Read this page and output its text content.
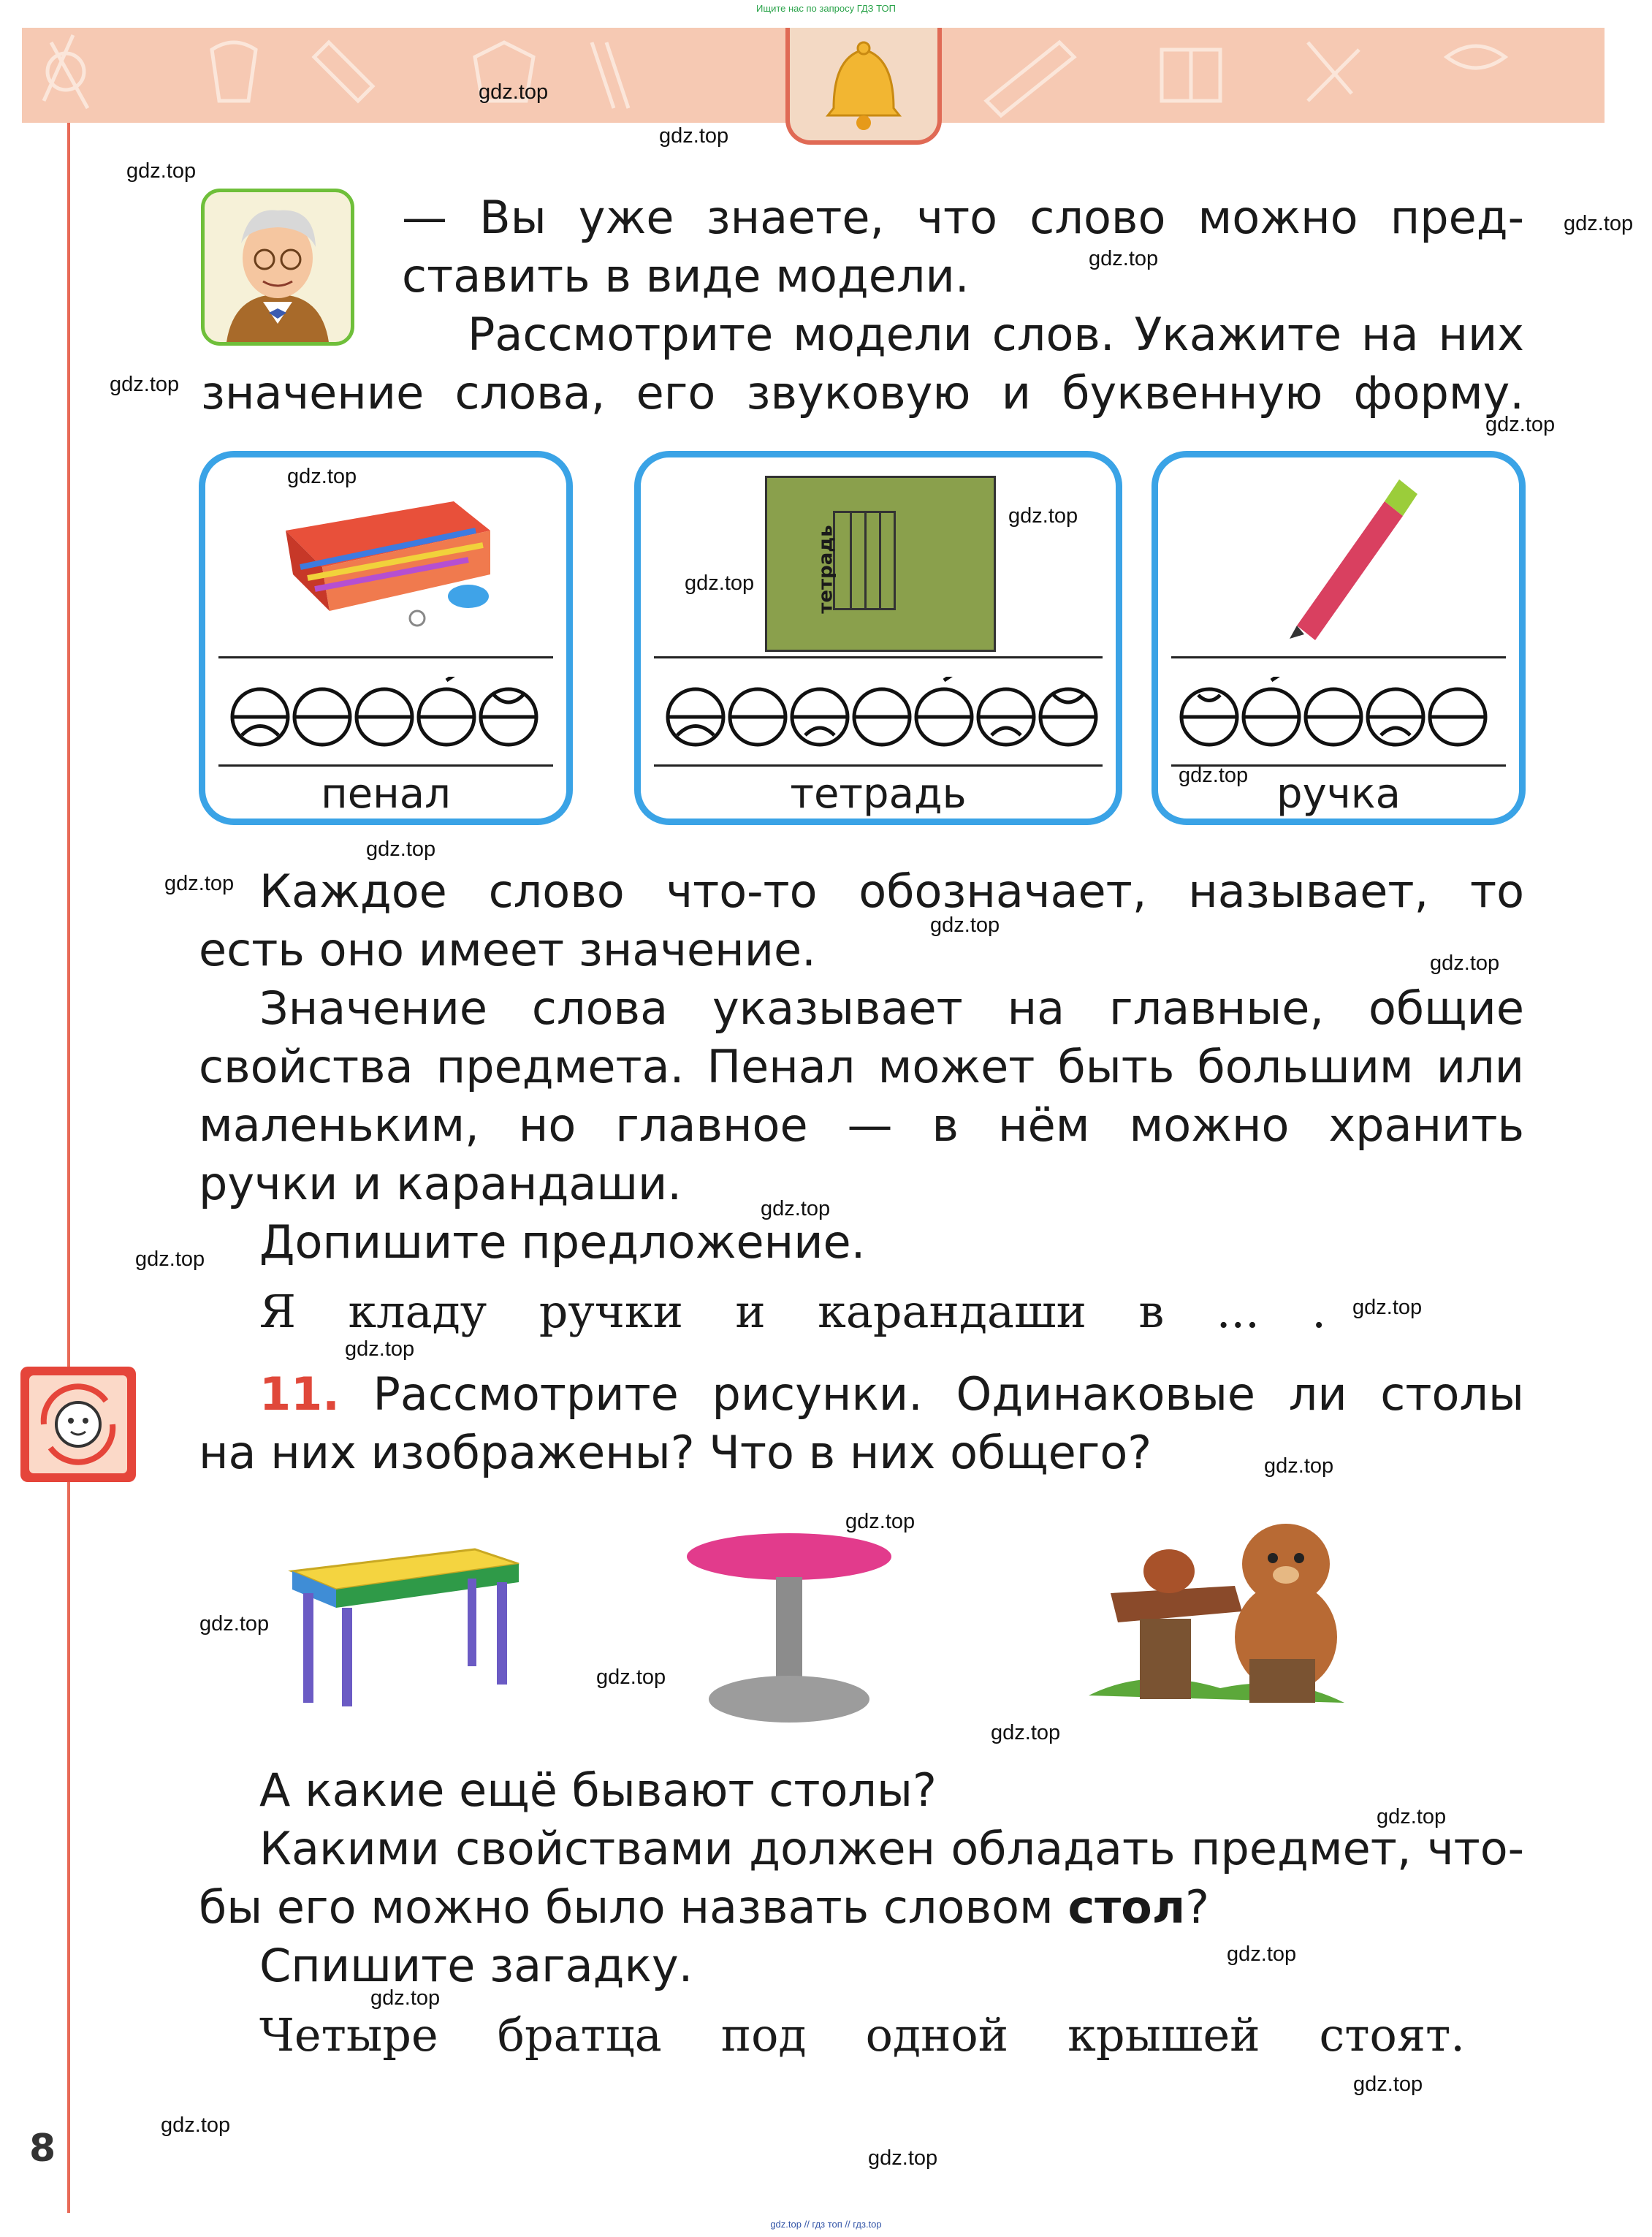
Ищите нас по запросу ГДЗ ТОП
— Вы уже знаете, что слово можно пред-
ставить в виде модели.
Рассмотрите модели слов. Укажите на них
значение слова, его звуковую и буквенную форму.
пенал
тетрадь
тетрадь	ручка
Каждое слово что-то обозначает, называет, то
есть оно имеет значение.
Значение слова указывает на главные, общие
свойства предмета. Пенал может быть большим или
маленьким, но главное — в нём можно хранить
ручки и карандаши.
Допишите предложение.
Я кладу ручки и карандаши в ... .
11. Рассмотрите рисунки. Одинаковые ли столы
на них изображены? Что в них общего?
А какие ещё бывают столы?
Какими свойствами должен обладать предмет, что-
бы его можно было назвать словом стол?
Спишите загадку.
Четыре братца под одной крышей стоят.
8
gdz.top
gdz.top
gdz.top
gdz.top
gdz.top
gdz.top
gdz.top
gdz.top
gdz.top
gdz.top
gdz.top
gdz.top
gdz.top
gdz.top
gdz.top
gdz.top
gdz.top
gdz.top
gdz.top
gdz.top
gdz.top
gdz.top
gdz.top
gdz.top
gdz.top
gdz.top
gdz.top
gdz.top
gdz.top
gdz.top
gdz.top // гдз топ // гдз.top
